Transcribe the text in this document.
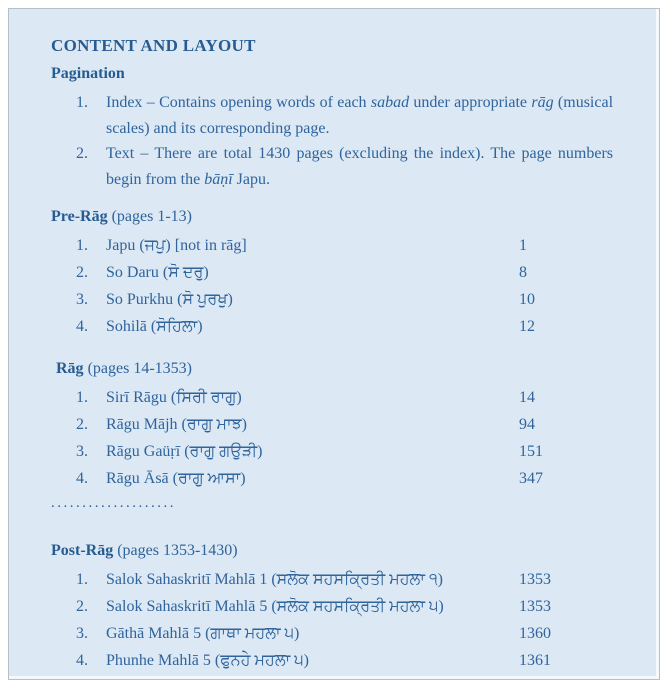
CONTENT AND LAYOUT
Pagination
1.	Index – Contains opening words of each sabad under appropriate rāg (musical scales) and its corresponding page.
2.	Text – There are total 1430 pages (excluding the index). The page numbers begin from the bāṇī Japu.
Pre-Rāg (pages 1-13)
1.	Japu (ਜਪੁ) [not in rāg]	1
2.	So Daru (ਸੋ ਦਰੁ)	8
3.	So Purkhu (ਸੋ ਪੁਰਖੁ)	10
4.	Sohilā (ਸੋਹਿਲਾ)	12
Rāg (pages 14-1353)
1.	Sirī Rāgu (ਸਿਰੀ ਰਾਗੁ)	14
2.	Rāgu Mājh (ਰਾਗੁ ਮਾਝ)	94
3.	Rāgu Gaüṛī (ਰਾਗੁ ਗਉੜੀ)	151
4.	Rāgu Āsā (ਰਾਗੁ ਆਸਾ)	347
....................
Post-Rāg (pages 1353-1430)
1.	Salok Sahaskritī Mahlā 1 (ਸਲੋਕ ਸਹਸਕ੍ਰਿਤੀ ਮਹਲਾ ੧)	1353
2.	Salok Sahaskritī Mahlā 5 (ਸਲੋਕ ਸਹਸਕ੍ਰਿਤੀ ਮਹਲਾ ੫)	1353
3.	Gāthā Mahlā 5 (ਗਾਥਾ ਮਹਲਾ ੫)	1360
4.	Phunhe Mahlā 5 (ਫੁਨਹੇ ਮਹਲਾ ੫)	1361
